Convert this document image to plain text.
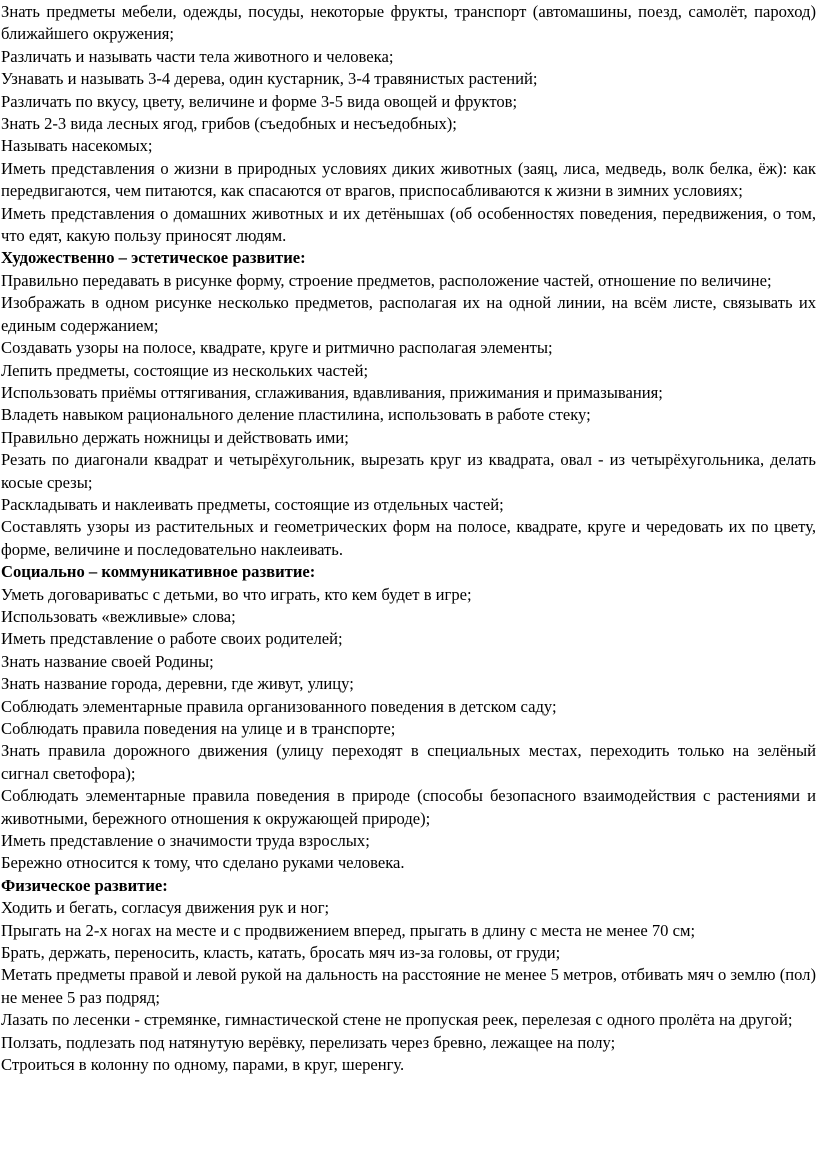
Знать предметы мебели, одежды, посуды, некоторые фрукты, транспорт (автомашины, поезд, самолёт, пароход) ближайшего окружения;

Различать и называть части тела животного и человека;

Узнавать и называть 3-4 дерева, один кустарник, 3-4 травянистых растений;

Различать по вкусу, цвету, величине и форме 3-5 вида овощей и фруктов;

Знать 2-3 вида лесных ягод, грибов (съедобных и несъедобных);

Называть насекомых;

Иметь представления о жизни в природных условиях диких животных (заяц, лиса, медведь, волк белка, ёж): как передвигаются, чем питаются, как спасаются от врагов, приспосабливаются к жизни в зимних условиях;

Иметь представления о домашних животных и их детёнышах (об особенностях поведения, передвижения, о том, что едят, какую пользу приносят людям.

Художественно – эстетическое развитие:

Правильно передавать в рисунке форму, строение предметов, расположение частей, отношение по величине;

Изображать в одном рисунке несколько предметов, располагая их на одной линии, на всём листе, связывать их единым содержанием;

Создавать узоры на полосе, квадрате, круге и ритмично располагая элементы;

Лепить предметы, состоящие из нескольких частей;

Использовать приёмы оттягивания, сглаживания, вдавливания, прижимания и примазывания;

Владеть навыком рационального деление пластилина, использовать в работе стеку;

Правильно держать ножницы и действовать ими;

Резать по диагонали квадрат и четырёхугольник, вырезать круг из квадрата, овал - из четырёхугольника, делать косые срезы;

Раскладывать и наклеивать предметы, состоящие из отдельных частей;

Составлять узоры из растительных и геометрических форм на полосе, квадрате, круге и чередовать их по цвету, форме, величине и последовательно наклеивать.

Социально – коммуникативное развитие:

Уметь договариватьс с детьми, во что играть, кто кем будет в игре;

Использовать «вежливые» слова;

Иметь представление о работе своих родителей;

Знать название своей Родины;

Знать название города, деревни, где живут, улицу;

Соблюдать элементарные правила организованного поведения в детском саду;

Соблюдать правила поведения на улице и в транспорте;

Знать правила дорожного движения (улицу переходят в специальных местах, переходить только на зелёный сигнал светофора);

Соблюдать элементарные правила поведения в природе (способы безопасного взаимодействия с растениями и животными, бережного отношения к окружающей природе);

Иметь представление о значимости труда взрослых;

Бережно относится к тому, что сделано руками человека.

Физическое развитие:

Ходить и бегать, согласуя движения рук и ног;

Прыгать на 2-х ногах на месте и с продвижением вперед, прыгать в длину с места не менее 70 см;

Брать, держать, переносить, класть, катать, бросать мяч из-за головы, от груди;

Метать предметы правой и левой рукой на дальность на расстояние не менее 5 метров, отбивать мяч о землю (пол) не менее 5 раз подряд;

Лазать по лесенки - стремянке, гимнастической стене не пропуская реек, перелезая с одного пролёта на другой;

Ползать, подлезать под натянутую верёвку, перелизать через бревно, лежащее на полу;

Строиться в колонну по одному, парами, в круг, шеренгу.
